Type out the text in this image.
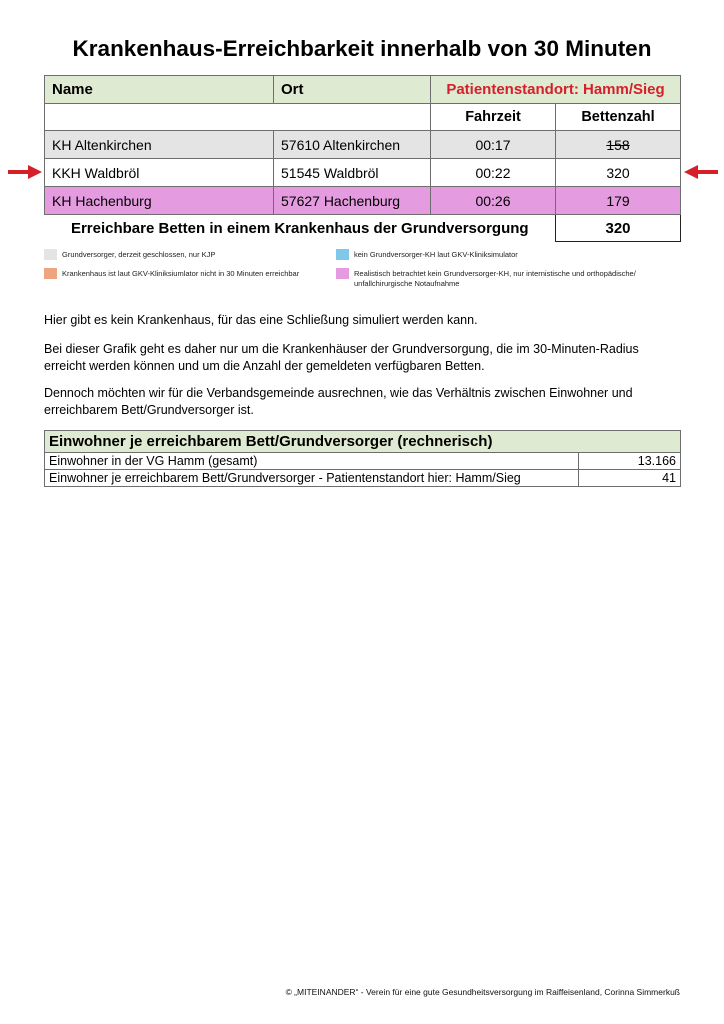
Krankenhaus-Erreichbarkeit innerhalb von 30 Minuten
Name	Ort	Patientenstandort: Hamm/Sieg	
		Fahrzeit	Bettenzahl
KH Altenkirchen	57610 Altenkirchen	00:17	158
KKH Waldbröl	51545 Waldbröl	00:22	320
KH Hachenburg	57627 Hachenburg	00:26	179
Erreichbare Betten in einem Krankenhaus der Grundversorgung			320
Grundversorger, derzeit geschlossen, nur KJP	kein Grundversorger-KH laut GKV-Kliniksimulator
Krankenhaus ist laut GKV-Kliniksiumlator nicht in 30 Minuten erreichbar	Realistisch betrachtet kein Grundversorger-KH, nur internistische und orthopädische/ unfallchirurgische Notaufnahme

Hier gibt es kein Krankenhaus, für das eine Schließung simuliert werden kann.

Bei dieser Grafik geht es daher nur um die Krankenhäuser der Grundversorgung, die im 30-Minuten-Radius erreicht werden können und um die Anzahl der gemeldeten verfügbaren Betten.

Dennoch möchten wir für die Verbandsgemeinde ausrechnen, wie das Verhältnis zwischen Einwohner und erreichbarem Bett/Grundversorger ist.

Einwohner je erreichbarem Bett/Grundversorger (rechnerisch)	
Einwohner in der VG Hamm (gesamt)	13.166
Einwohner je erreichbarem Bett/Grundversorger - Patientenstandort hier: Hamm/Sieg	41
© „MITEINANDER“ - Verein für eine gute Gesundheitsversorgung im Raiffeisenland, Corinna Simmerkuß
